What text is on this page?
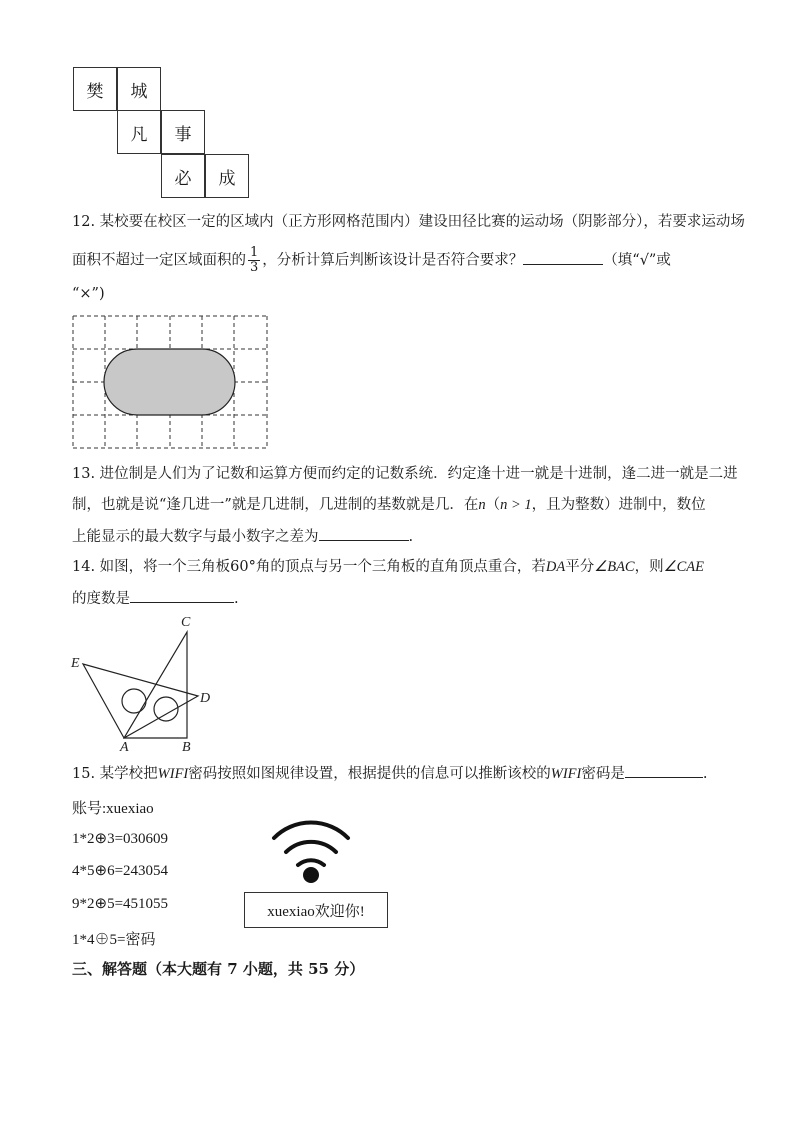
樊	城
凡	事
必	成
12. 某校要在校区一定的区域内（正方形网格范围内）建设田径比赛的运动场（阴影部分），若要求运动场
面积不超过一定区域面积的 $\frac{1}{3}$ ，分析计算后判断该设计是否符合要求？	（填“√”或
“×”)
13. 进位制是人们为了记数和运算方便而约定的记数系统．约定逢十进一就是十进制，逢二进一就是二进
制，也就是说“逢几进一”就是几进制，几进制的基数就是几．在n（n > 1，且为整数）进制中，数位
上能显示的最大数字与最小数字之差为	.
14. 如图，将一个三角板60°角的顶点与另一个三角板的直角顶点重合，若DA平分∠BAC，则∠CAE
的度数是	.
C
E
D
A	B
15. 某学校把WIFI密码按照如图规律设置，根据提供的信息可以推断该校的WIFI密码是	.
账号:xuexiao
1*2⊕3=030609
4*5⊕6=243054
9*2⊕5=451055
1*4⊕5=密码
xuexiao欢迎你!
三、解答题（本大题有 7 小题，共 55 分）
